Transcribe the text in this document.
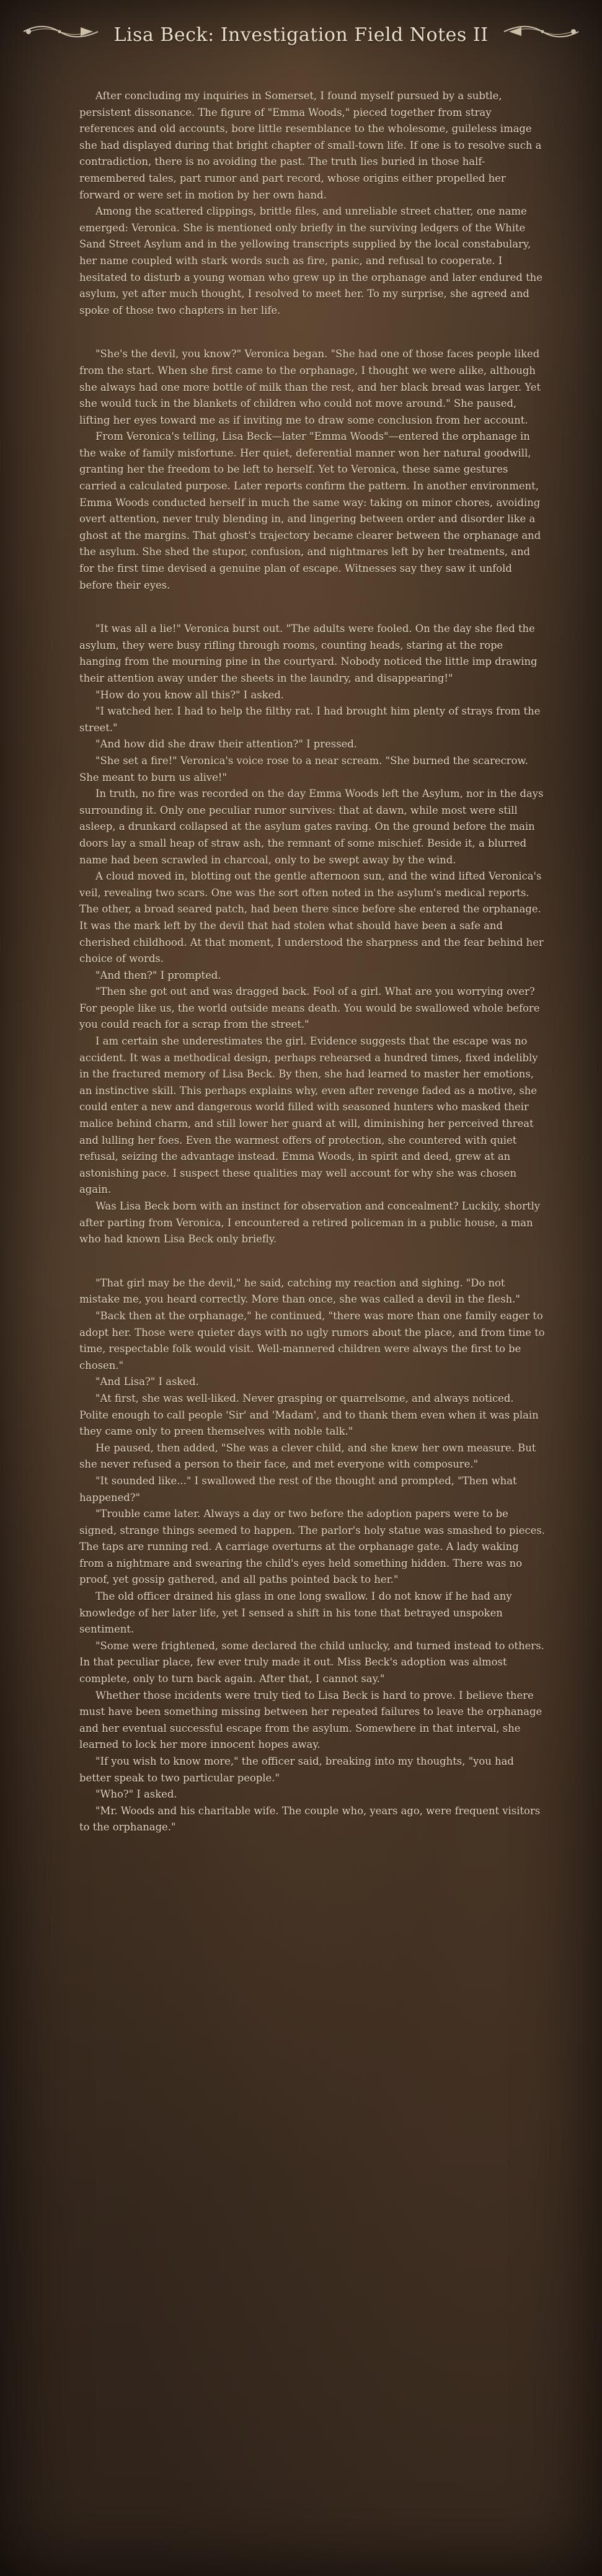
Lisa Beck: Investigation Field Notes II

After concluding my inquiries in Somerset, I found myself pursued by a subtle, persistent dissonance. The figure of "Emma Woods," pieced together from stray references and old accounts, bore little resemblance to the wholesome, guileless image she had displayed during that bright chapter of small-town life. If one is to resolve such a contradiction, there is no avoiding the past. The truth lies buried in those half-remembered tales, part rumor and part record, whose origins either propelled her forward or were set in motion by her own hand.

Among the scattered clippings, brittle files, and unreliable street chatter, one name emerged: Veronica. She is mentioned only briefly in the surviving ledgers of the White Sand Street Asylum and in the yellowing transcripts supplied by the local constabulary, her name coupled with stark words such as fire, panic, and refusal to cooperate. I hesitated to disturb a young woman who grew up in the orphanage and later endured the asylum, yet after much thought, I resolved to meet her. To my surprise, she agreed and spoke of those two chapters in her life.

"She's the devil, you know?" Veronica began. "She had one of those faces people liked from the start. When she first came to the orphanage, I thought we were alike, although she always had one more bottle of milk than the rest, and her black bread was larger. Yet she would tuck in the blankets of children who could not move around." She paused, lifting her eyes toward me as if inviting me to draw some conclusion from her account.

From Veronica's telling, Lisa Beck—later "Emma Woods"—entered the orphanage in the wake of family misfortune. Her quiet, deferential manner won her natural goodwill, granting her the freedom to be left to herself. Yet to Veronica, these same gestures carried a calculated purpose. Later reports confirm the pattern. In another environment, Emma Woods conducted herself in much the same way: taking on minor chores, avoiding overt attention, never truly blending in, and lingering between order and disorder like a ghost at the margins. That ghost's trajectory became clearer between the orphanage and the asylum. She shed the stupor, confusion, and nightmares left by her treatments, and for the first time devised a genuine plan of escape. Witnesses say they saw it unfold before their eyes.

"It was all a lie!" Veronica burst out. "The adults were fooled. On the day she fled the asylum, they were busy rifling through rooms, counting heads, staring at the rope hanging from the mourning pine in the courtyard. Nobody noticed the little imp drawing their attention away under the sheets in the laundry, and disappearing!"

"How do you know all this?" I asked.

"I watched her. I had to help the filthy rat. I had brought him plenty of strays from the street."

"And how did she draw their attention?" I pressed.

"She set a fire!" Veronica's voice rose to a near scream. "She burned the scarecrow. She meant to burn us alive!"

In truth, no fire was recorded on the day Emma Woods left the Asylum, nor in the days surrounding it. Only one peculiar rumor survives: that at dawn, while most were still asleep, a drunkard collapsed at the asylum gates raving. On the ground before the main doors lay a small heap of straw ash, the remnant of some mischief. Beside it, a blurred name had been scrawled in charcoal, only to be swept away by the wind.

A cloud moved in, blotting out the gentle afternoon sun, and the wind lifted Veronica's veil, revealing two scars. One was the sort often noted in the asylum's medical reports. The other, a broad seared patch, had been there since before she entered the orphanage. It was the mark left by the devil that had stolen what should have been a safe and cherished childhood. At that moment, I understood the sharpness and the fear behind her choice of words.

"And then?" I prompted.

"Then she got out and was dragged back. Fool of a girl. What are you worrying over? For people like us, the world outside means death. You would be swallowed whole before you could reach for a scrap from the street."

I am certain she underestimates the girl. Evidence suggests that the escape was no accident. It was a methodical design, perhaps rehearsed a hundred times, fixed indelibly in the fractured memory of Lisa Beck. By then, she had learned to master her emotions, an instinctive skill. This perhaps explains why, even after revenge faded as a motive, she could enter a new and dangerous world filled with seasoned hunters who masked their malice behind charm, and still lower her guard at will, diminishing her perceived threat and lulling her foes. Even the warmest offers of protection, she countered with quiet refusal, seizing the advantage instead. Emma Woods, in spirit and deed, grew at an astonishing pace. I suspect these qualities may well account for why she was chosen again.

Was Lisa Beck born with an instinct for observation and concealment? Luckily, shortly after parting from Veronica, I encountered a retired policeman in a public house, a man who had known Lisa Beck only briefly.

"That girl may be the devil," he said, catching my reaction and sighing. "Do not mistake me, you heard correctly. More than once, she was called a devil in the flesh."

"Back then at the orphanage," he continued, "there was more than one family eager to adopt her. Those were quieter days with no ugly rumors about the place, and from time to time, respectable folk would visit. Well-mannered children were always the first to be chosen."

"And Lisa?" I asked.

"At first, she was well-liked. Never grasping or quarrelsome, and always noticed. Polite enough to call people 'Sir' and 'Madam', and to thank them even when it was plain they came only to preen themselves with noble talk."

He paused, then added, "She was a clever child, and she knew her own measure. But she never refused a person to their face, and met everyone with composure."

"It sounded like..." I swallowed the rest of the thought and prompted, "Then what happened?"

"Trouble came later. Always a day or two before the adoption papers were to be signed, strange things seemed to happen. The parlor's holy statue was smashed to pieces. The taps are running red. A carriage overturns at the orphanage gate. A lady waking from a nightmare and swearing the child's eyes held something hidden. There was no proof, yet gossip gathered, and all paths pointed back to her."

The old officer drained his glass in one long swallow. I do not know if he had any knowledge of her later life, yet I sensed a shift in his tone that betrayed unspoken sentiment.

"Some were frightened, some declared the child unlucky, and turned instead to others. In that peculiar place, few ever truly made it out. Miss Beck's adoption was almost complete, only to turn back again. After that, I cannot say."

Whether those incidents were truly tied to Lisa Beck is hard to prove. I believe there must have been something missing between her repeated failures to leave the orphanage and her eventual successful escape from the asylum. Somewhere in that interval, she learned to lock her more innocent hopes away.

"If you wish to know more," the officer said, breaking into my thoughts, "you had better speak to two particular people."

"Who?" I asked.

"Mr. Woods and his charitable wife. The couple who, years ago, were frequent visitors to the orphanage."
